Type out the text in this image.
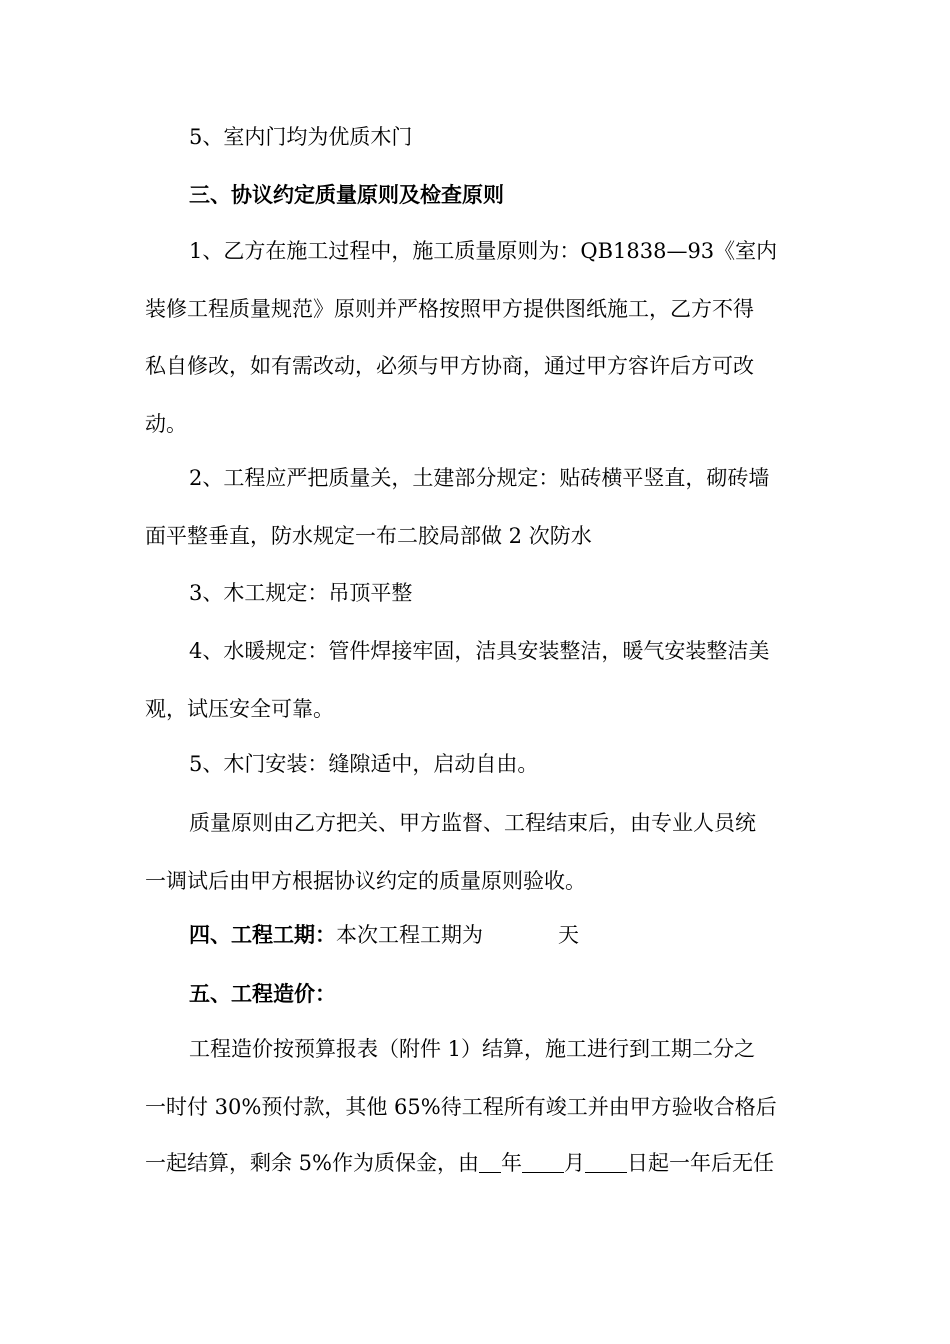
5、室内门均为优质木门
三、协议约定质量原则及检查原则
1、乙方在施工过程中，施工质量原则为：QB1838—93《室内
装修工程质量规范》原则并严格按照甲方提供图纸施工，乙方不得
私自修改，如有需改动，必须与甲方协商，通过甲方容许后方可改
动。
2、工程应严把质量关，土建部分规定：贴砖横平竖直，砌砖墙
面平整垂直，防水规定一布二胶局部做 2 次防水
3、木工规定：吊顶平整
4、水暖规定：管件焊接牢固，洁具安装整洁，暖气安装整洁美
观，试压安全可靠。
5、木门安装：缝隙适中，启动自由。
质量原则由乙方把关、甲方监督、工程结束后，由专业人员统
一调试后由甲方根据协议约定的质量原则验收。
四、工程工期：本次工程工期为	天
五、工程造价：
工程造价按预算报表（附件 1）结算，施工进行到工期二分之
一时付 30%预付款，其他 65%待工程所有竣工并由甲方验收合格后
一起结算，剩余 5%作为质保金，由 年 月 日起一年后无任
